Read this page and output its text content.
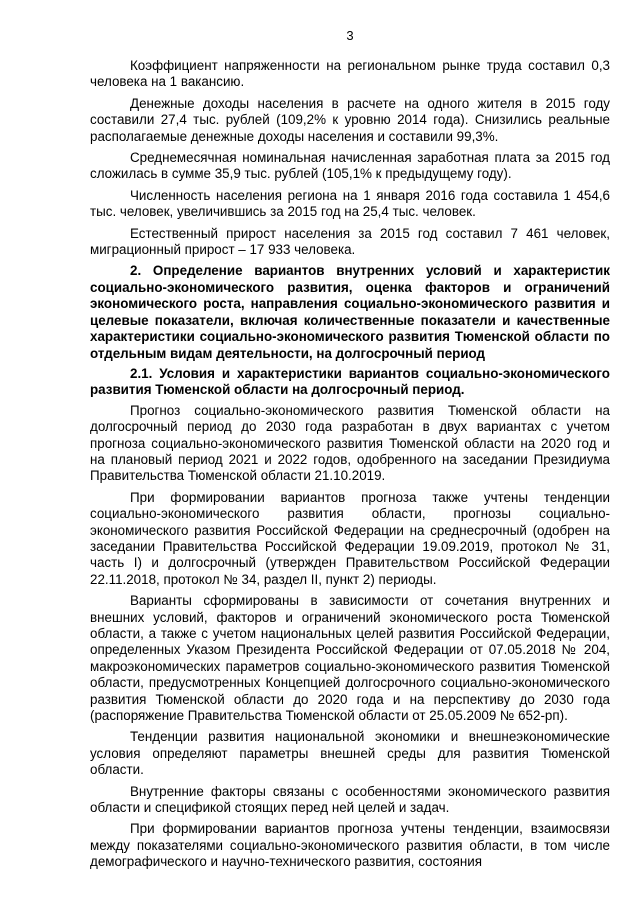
3

Коэффициент напряженности на региональном рынке труда составил 0,3 человека на 1 вакансию.

Денежные доходы населения в расчете на одного жителя в 2015 году составили 27,4 тыс. рублей (109,2% к уровню 2014 года). Снизились реальные располагаемые денежные доходы населения и составили 99,3%.

Среднемесячная номинальная начисленная заработная плата за 2015 год сложилась в сумме 35,9 тыс. рублей (105,1% к предыдущему году).

Численность населения региона на 1 января 2016 года составила 1 454,6 тыс. человек, увеличившись за 2015 год на 25,4 тыс. человек.

Естественный прирост населения за 2015 год составил 7 461 человек, миграционный прирост – 17 933 человека.

2. Определение вариантов внутренних условий и характеристик социально-экономического развития, оценка факторов и ограничений экономического роста, направления социально-экономического развития и целевые показатели, включая количественные показатели и качественные характеристики социально-экономического развития Тюменской области по отдельным видам деятельности, на долгосрочный период

2.1. Условия и характеристики вариантов социально-экономического развития Тюменской области на долгосрочный период.

Прогноз социально-экономического развития Тюменской области на долгосрочный период до 2030 года разработан в двух вариантах с учетом прогноза социально-экономического развития Тюменской области на 2020 год и на плановый период 2021 и 2022 годов, одобренного на заседании Президиума Правительства Тюменской области 21.10.2019.

При формировании вариантов прогноза также учтены тенденции социально-экономического развития области, прогнозы социально-экономического развития Российской Федерации на среднесрочный (одобрен на заседании Правительства Российской Федерации 19.09.2019, протокол № 31, часть I) и долгосрочный (утвержден Правительством Российской Федерации 22.11.2018, протокол № 34, раздел II, пункт 2) периоды.

Варианты сформированы в зависимости от сочетания внутренних и внешних условий, факторов и ограничений экономического роста Тюменской области, а также с учетом национальных целей развития Российской Федерации, определенных Указом Президента Российской Федерации от 07.05.2018 № 204, макроэкономических параметров социально-экономического развития Тюменской области, предусмотренных Концепцией долгосрочного социально-экономического развития Тюменской области до 2020 года и на перспективу до 2030 года (распоряжение Правительства Тюменской области от 25.05.2009 № 652-рп).

Тенденции развития национальной экономики и внешнеэкономические условия определяют параметры внешней среды для развития Тюменской области.

Внутренние факторы связаны с особенностями экономического развития области и спецификой стоящих перед ней целей и задач.

При формировании вариантов прогноза учтены тенденции, взаимосвязи между показателями социально-экономического развития области, в том числе демографического и научно-технического развития, состояния
